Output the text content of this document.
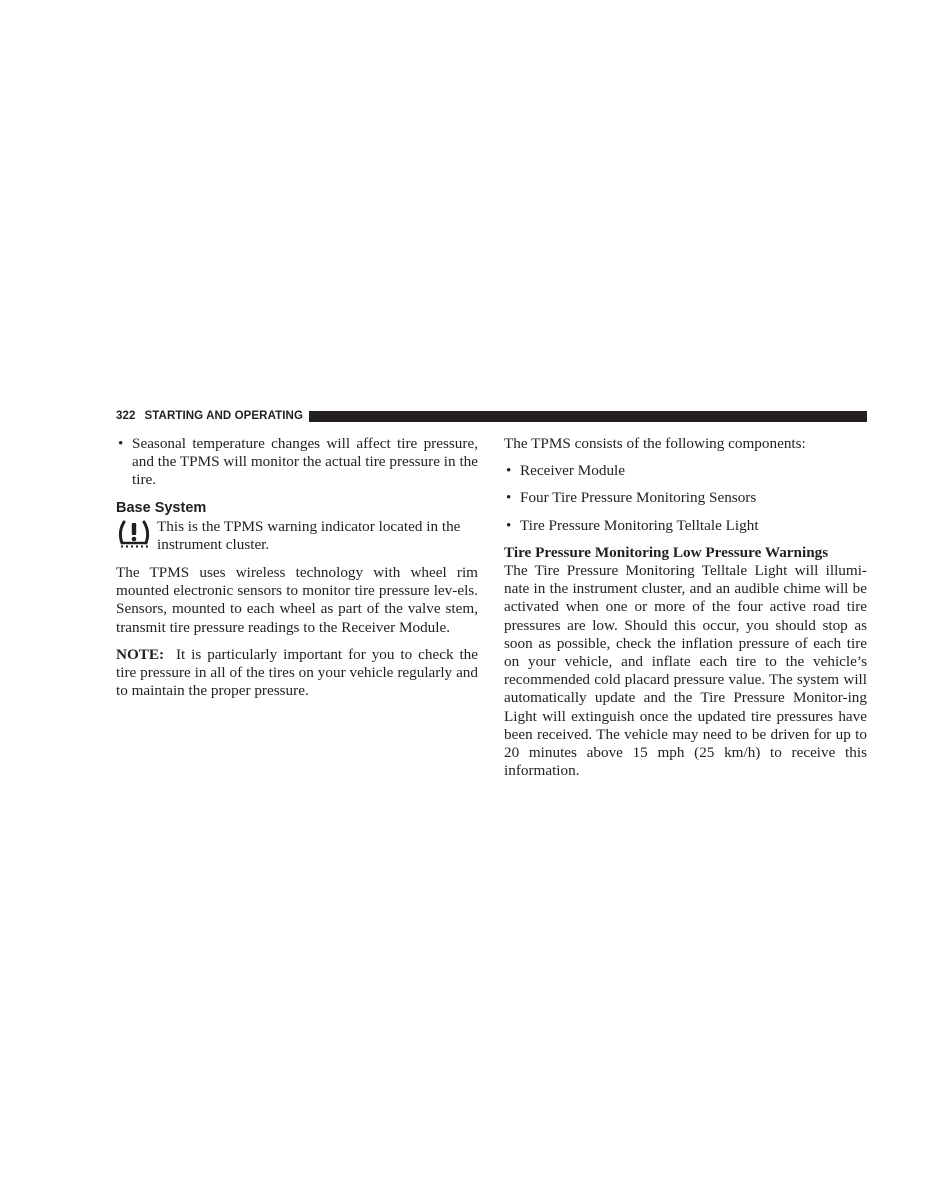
322 STARTING AND OPERATING
• Seasonal temperature changes will affect tire pressure, and the TPMS will monitor the actual tire pressure in the tire.
Base System

This is the TPMS warning indicator located in the instrument cluster.

The TPMS uses wireless technology with wheel rim mounted electronic sensors to monitor tire pressure lev-els. Sensors, mounted to each wheel as part of the valve stem, transmit tire pressure readings to the Receiver Module.

NOTE: It is particularly important for you to check the tire pressure in all of the tires on your vehicle regularly and to maintain the proper pressure.

The TPMS consists of the following components:

• Receiver Module
• Four Tire Pressure Monitoring Sensors
• Tire Pressure Monitoring Telltale Light
Tire Pressure Monitoring Low Pressure Warnings

The Tire Pressure Monitoring Telltale Light will illumi-nate in the instrument cluster, and an audible chime will be activated when one or more of the four active road tire pressures are low. Should this occur, you should stop as soon as possible, check the inflation pressure of each tire on your vehicle, and inflate each tire to the vehicle’s recommended cold placard pressure value. The system will automatically update and the Tire Pressure Monitor-ing Light will extinguish once the updated tire pressures have been received. The vehicle may need to be driven for up to 20 minutes above 15 mph (25 km/h) to receive this information.
